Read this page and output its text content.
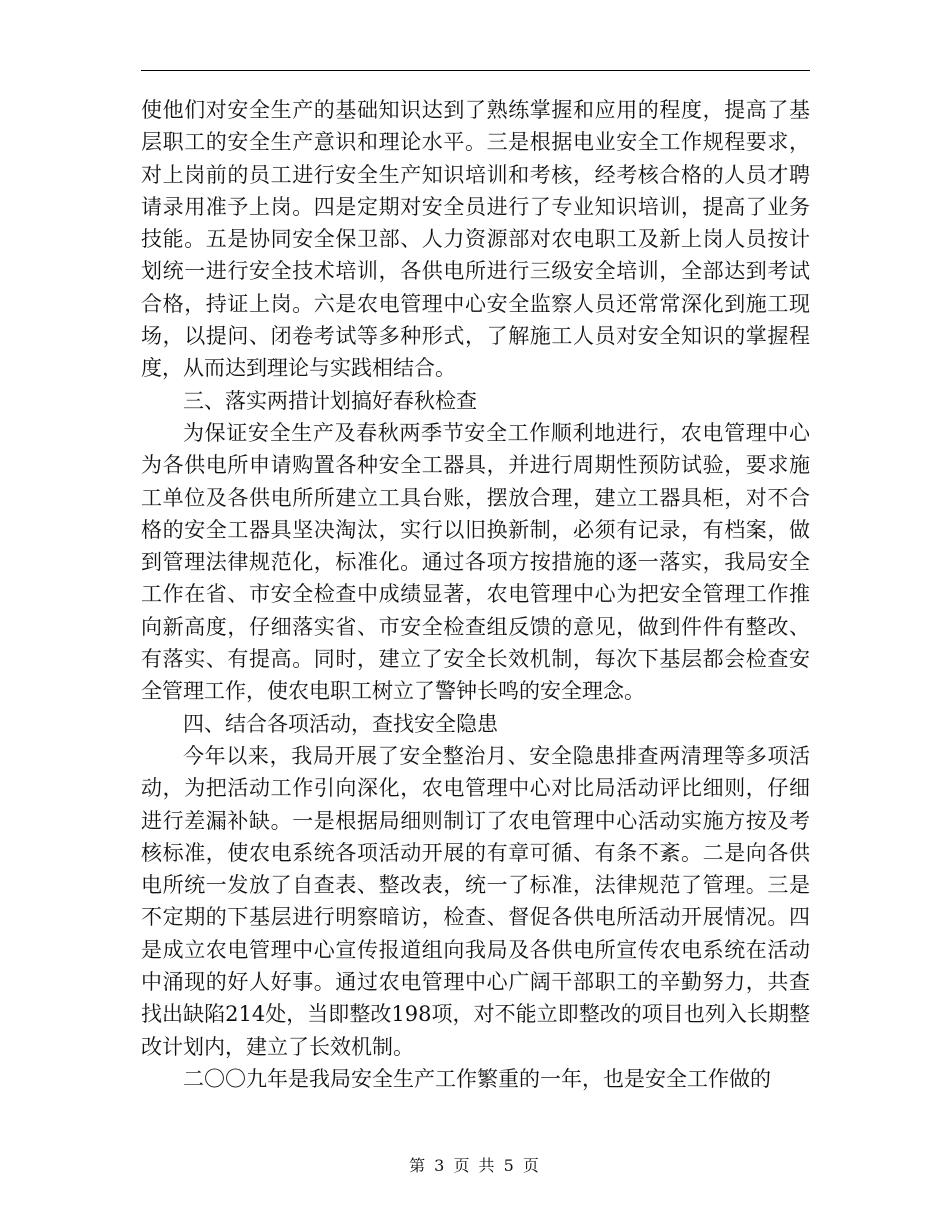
使他们对安全生产的基础知识达到了熟练掌握和应用的程度，提高了基层职工的安全生产意识和理论水平。三是根据电业安全工作规程要求，对上岗前的员工进行安全生产知识培训和考核，经考核合格的人员才聘请录用准予上岗。四是定期对安全员进行了专业知识培训，提高了业务技能。五是协同安全保卫部、人力资源部对农电职工及新上岗人员按计划统一进行安全技术培训，各供电所进行三级安全培训，全部达到考试合格，持证上岗。六是农电管理中心安全监察人员还常常深化到施工现场，以提问、闭卷考试等多种形式，了解施工人员对安全知识的掌握程度，从而达到理论与实践相结合。

三、落实两措计划搞好春秋检查

为保证安全生产及春秋两季节安全工作顺利地进行，农电管理中心为各供电所申请购置各种安全工器具，并进行周期性预防试验，要求施工单位及各供电所所建立工具台账，摆放合理，建立工器具柜，对不合格的安全工器具坚决淘汰，实行以旧换新制，必须有记录，有档案，做到管理法律规范化，标准化。通过各项方按措施的逐一落实，我局安全工作在省、市安全检查中成绩显著，农电管理中心为把安全管理工作推向新高度，仔细落实省、市安全检查组反馈的意见，做到件件有整改、有落实、有提高。同时，建立了安全长效机制，每次下基层都会检查安全管理工作，使农电职工树立了警钟长鸣的安全理念。

四、结合各项活动，查找安全隐患

今年以来，我局开展了安全整治月、安全隐患排查两清理等多项活动，为把活动工作引向深化，农电管理中心对比局活动评比细则，仔细进行差漏补缺。一是根据局细则制订了农电管理中心活动实施方按及考核标准，使农电系统各项活动开展的有章可循、有条不紊。二是向各供电所统一发放了自查表、整改表，统一了标准，法律规范了管理。三是不定期的下基层进行明察暗访，检查、督促各供电所活动开展情况。四是成立农电管理中心宣传报道组向我局及各供电所宣传农电系统在活动中涌现的好人好事。通过农电管理中心广阔干部职工的辛勤努力，共查找出缺陷214处，当即整改198项，对不能立即整改的项目也列入长期整改计划内，建立了长效机制。

二〇〇九年是我局安全生产工作繁重的一年，也是安全工作做的

第 3 页 共 5 页
